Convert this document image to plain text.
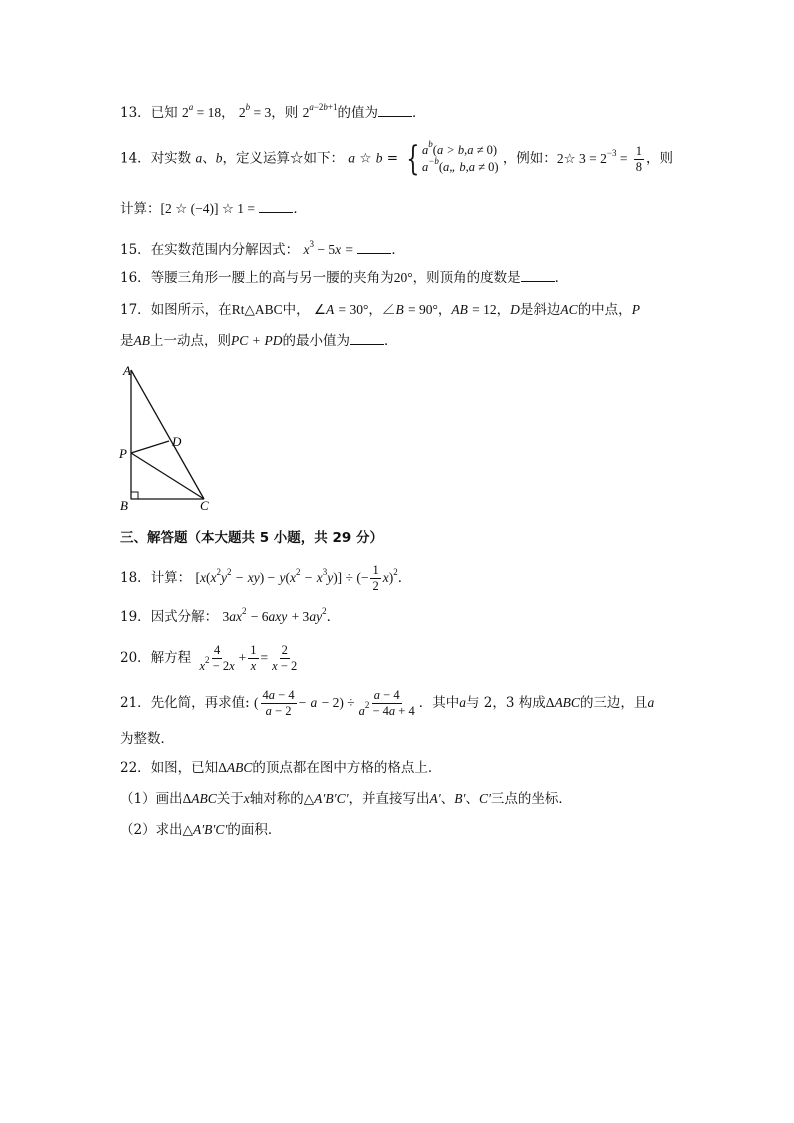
13．已知 $2^a = 18$， $2^b = 3$，则 $2^{a-2b+1}$的值为	．
14．对实数 a、b，定义运算☆如下： a ☆ b = { $a^b(a > b,a \ne 0)$
$a^{-b}(a„$ b,a ≠ 0)
，例如：2☆ $3 = 2^{-3} = \frac{1}{8}$ ，则
计算：[2 ☆ (−4)] ☆ 1 =	．
15．在实数范围内分解因式： $x^3 - 5x$ =	．
16．等腰三角形一腰上的高与另一腰的夹角为20°，则顶角的度数是	．
17．如图所示，在Rt△ABC中， ∠A = 30°，∠B = 90°，AB = 12，D是斜边AC的中点，P
是AB上一动点，则PC + PD的最小值为	．
A
D
P
B	C
三、解答题（本大题共 5 小题，共 29 分）
18．计算： $[x(x^2y^2 - xy) - y(x^2 - x^3y)]$ ÷ (− $\frac{1}{2} x)^2$．
19．因式分解： $3ax^2 - 6axy + 3ay^2$．
20．解方程 $\frac{4}{x^2 - 2x} + \frac{1}{x} = \frac{2}{x - 2}$
21．先化简，再求值: ( $\frac{4a - 4}{a - 2} - a - 2) \div \frac{a - 4}{a^2 - 4a + 4}$ ．其中a与 2，3 构成ΔABC的三边，且a
为整数．
22．如图，已知ΔABC的顶点都在图中方格的格点上．
（1）画出ΔABC关于x轴对称的△A′B′C′，并直接写出A′、B′、C′三点的坐标．
（2）求出△A′B′C′的面积．
